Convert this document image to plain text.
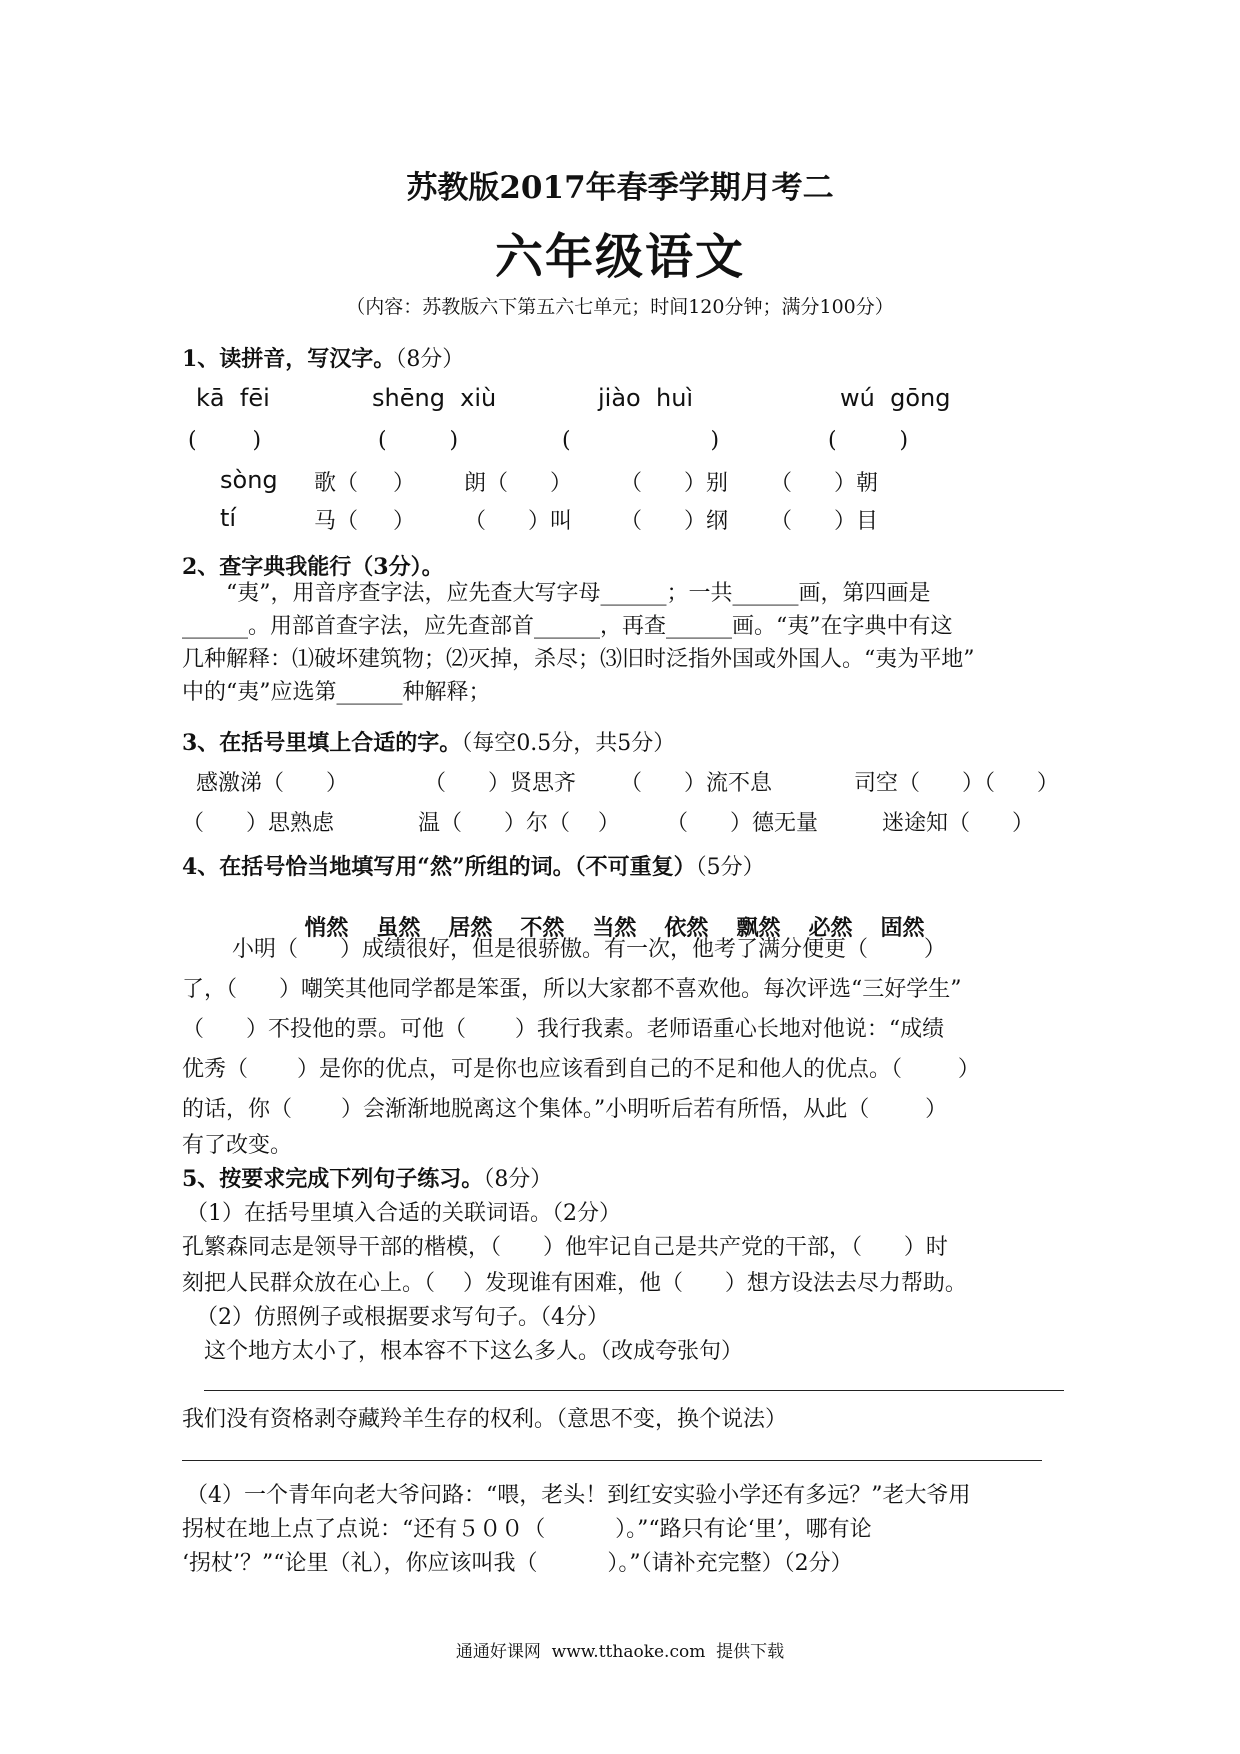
苏教版2017年春季学期月考二
六年级语文
（内容：苏教版六下第五六七单元；时间120分钟；满分100分）
1、读拼音，写汉字。（8分）
kā  fēi	shēng  xiù	jiào  huì	wú  gōng
(        )	(         )	(                    )	(         )
sòng 歌（     ） 朗（      ） （      ）别 （      ）朝
tí	马（     ） （      ）叫 （      ）纲 （      ）目
2、查字典我能行（3分）。
“夷”，用音序查字法，应先查大写字母______；一共______画，第四画是
______。用部首查字法，应先查部首______，再查______画。“夷”在字典中有这
几种解释：⑴破坏建筑物；⑵灭掉，杀尽；⑶旧时泛指外国或外国人。“夷为平地”
中的“夷”应选第______种解释；
3、在括号里填上合适的字。（每空0.5分，共5分）
感激涕（      ）	（      ）贤思齐 （      ）流不息	司空（      ）（      ）
（      ）思熟虑	温（      ）尔（    ） （      ）德无量	迷途知（      ）
4、在括号恰当地填写用“然”所组的词。（不可重复）（5分）

悄然 虽然 居然 不然 当然 依然 飘然 必然 固然

小明（      ）成绩很好，但是很骄傲。有一次，他考了满分便更（        ）
了，（      ）嘲笑其他同学都是笨蛋，所以大家都不喜欢他。每次评选“三好学生”
（      ）不投他的票。可他（       ）我行我素。老师语重心长地对他说：“成绩
优秀（       ）是你的优点，可是你也应该看到自己的不足和他人的优点。（        ）
的话，你（       ）会渐渐地脱离这个集体。”小明听后若有所悟，从此（        ）
有了改变。
5、按要求完成下列句子练习。（8分）
（1）在括号里填入合适的关联词语。（2分）
孔繁森同志是领导干部的楷模，（      ）他牢记自己是共产党的干部，（      ）时
刻把人民群众放在心上。（    ）发现谁有困难，他（      ）想方设法去尽力帮助。
（2）仿照例子或根据要求写句子。（4分）
这个地方太小了，根本容不下这么多人。（改成夸张句）
我们没有资格剥夺藏羚羊生存的权利。（意思不变，换个说法）
（4）一个青年向老大爷问路：“喂，老头！到红安实验小学还有多远？”老大爷用
拐杖在地上点了点说：“还有５００（          ）。”“路只有论‘里’，哪有论
‘拐杖’？”“论里（礼），你应该叫我（          ）。”（请补充完整）（2分）
通通好课网  www.tthaoke.com  提供下载
